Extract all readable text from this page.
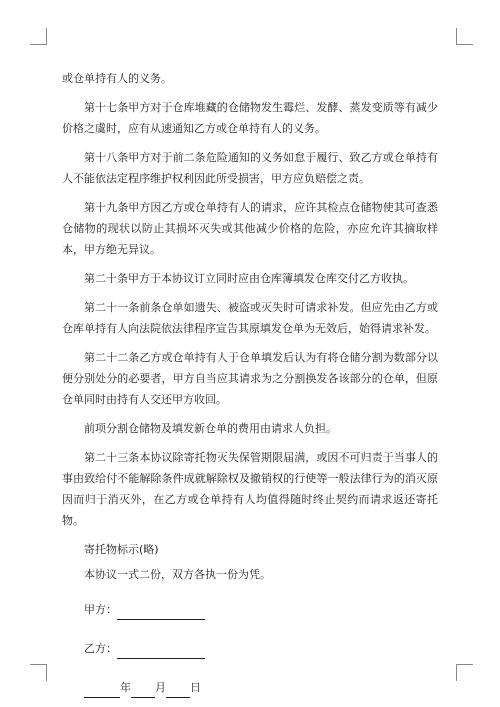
或仓单持有人的义务。

第十七条甲方对于仓库堆藏的仓储物发生霉烂、发酵、蒸发变质等有减少价格之虞时，应有从速通知乙方或仓单持有人的义务。

第十八条甲方对于前二条危险通知的义务如怠于履行、致乙方或仓单持有人不能依法定程序维护权利因此所受损害，甲方应负赔偿之责。

第十九条甲方因乙方或仓单持有人的请求，应许其检点仓储物使其可查悉仓储物的现状以防止其损坏灭失或其他减少价格的危险，亦应允许其摘取样本，甲方绝无异议。

第二十条甲方于本协议订立同时应由仓库簿填发仓库交付乙方收执。

第二十一条前条仓单如遗失、被盗或灭失时可请求补发。但应先由乙方或仓库单持有人向法院依法律程序宣告其原填发仓单为无效后，始得请求补发。

第二十二条乙方或仓单持有人于仓单填发后认为有将仓储分割为数部分以便分别处分的必要者，甲方自当应其请求为之分割换发各该部分的仓单，但原仓单同时由持有人交还甲方收回。

前项分割仓储物及填发新仓单的费用由请求人负担。

第二十三条本协议除寄托物灭失保管期限届满，或因不可归责于当事人的事由致给付不能解除条件成就解除权及撤销权的行使等一般法律行为的消灭原因而归于消灭外，在乙方或仓单持有人均值得随时终止契约而请求返还寄托物。

寄托物标示(略)

本协议一式二份，双方各执一份为凭。

甲方：
乙方：
年 月 日
